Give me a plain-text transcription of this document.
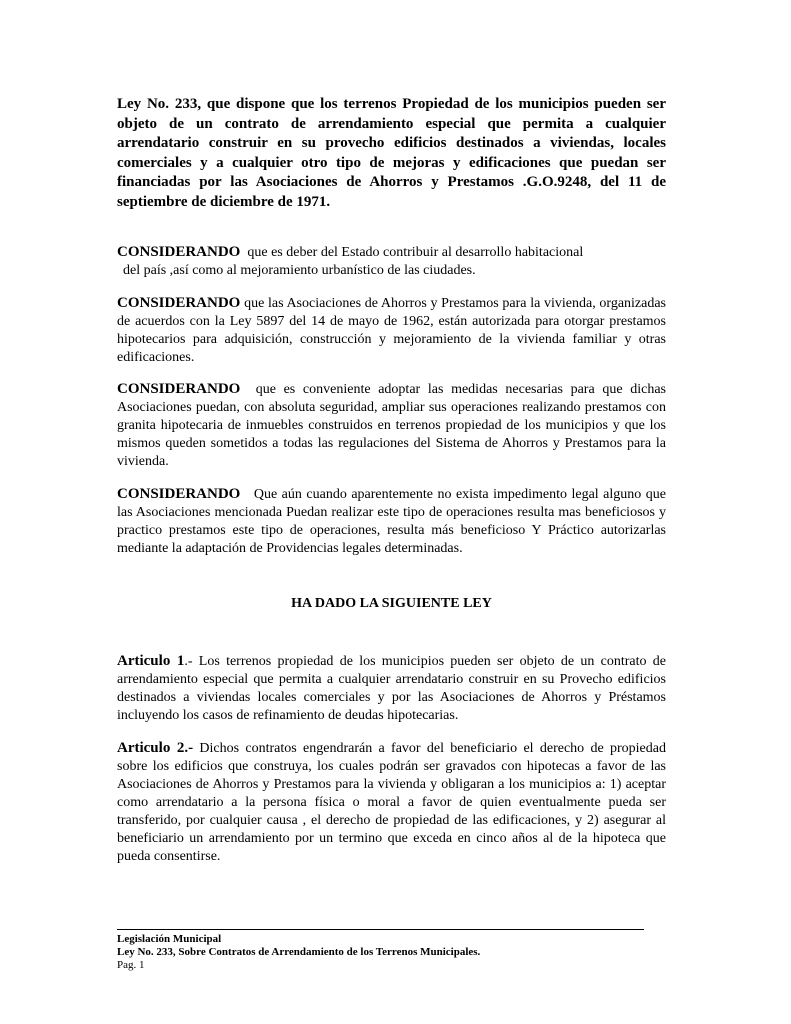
Ley No. 233, que dispone que los terrenos Propiedad de los municipios pueden ser objeto de un contrato de arrendamiento especial que permita a cualquier arrendatario construir en su provecho edificios destinados a viviendas, locales comerciales y a cualquier otro tipo de mejoras y edificaciones que puedan ser financiadas por las Asociaciones de Ahorros y Prestamos .G.O.9248, del 11 de septiembre de diciembre de 1971.

CONSIDERANDO que es deber del Estado contribuir al desarrollo habitacional
del país ,así como al mejoramiento urbanístico de las ciudades.

CONSIDERANDO que las Asociaciones de Ahorros y Prestamos para la vivienda, organizadas de acuerdos con la Ley 5897 del 14 de mayo de 1962, están autorizada para otorgar prestamos hipotecarios para adquisición, construcción y mejoramiento de la vivienda familiar y otras edificaciones.

CONSIDERANDO que es conveniente adoptar las medidas necesarias para que dichas Asociaciones puedan, con absoluta seguridad, ampliar sus operaciones realizando prestamos con granita hipotecaria de inmuebles construidos en terrenos propiedad de los municipios y que los mismos queden sometidos a todas las regulaciones del Sistema de Ahorros y Prestamos para la vivienda.

CONSIDERANDO Que aún cuando aparentemente no exista impedimento legal alguno que las Asociaciones mencionada Puedan realizar este tipo de operaciones resulta mas beneficiosos y practico prestamos este tipo de operaciones, resulta más beneficioso Y Práctico autorizarlas mediante la adaptación de Providencias legales determinadas.

HA DADO LA SIGUIENTE LEY

Articulo 1.- Los terrenos propiedad de los municipios pueden ser objeto de un contrato de arrendamiento especial que permita a cualquier arrendatario construir en su Provecho edificios destinados a viviendas locales comerciales y por las Asociaciones de Ahorros y Préstamos incluyendo los casos de refinamiento de deudas hipotecarias.

Articulo 2.- Dichos contratos engendrarán a favor del beneficiario el derecho de propiedad sobre los edificios que construya, los cuales podrán ser gravados con hipotecas a favor de las Asociaciones de Ahorros y Prestamos para la vivienda y obligaran a los municipios a: 1) aceptar como arrendatario a la persona física o moral a favor de quien eventualmente pueda ser transferido, por cualquier causa , el derecho de propiedad de las edificaciones, y 2) asegurar al beneficiario un arrendamiento por un termino que exceda en cinco años al de la hipoteca que pueda consentirse.

Legislación Municipal

Ley No. 233, Sobre Contratos de Arrendamiento de los Terrenos Municipales.

Pag. 1
